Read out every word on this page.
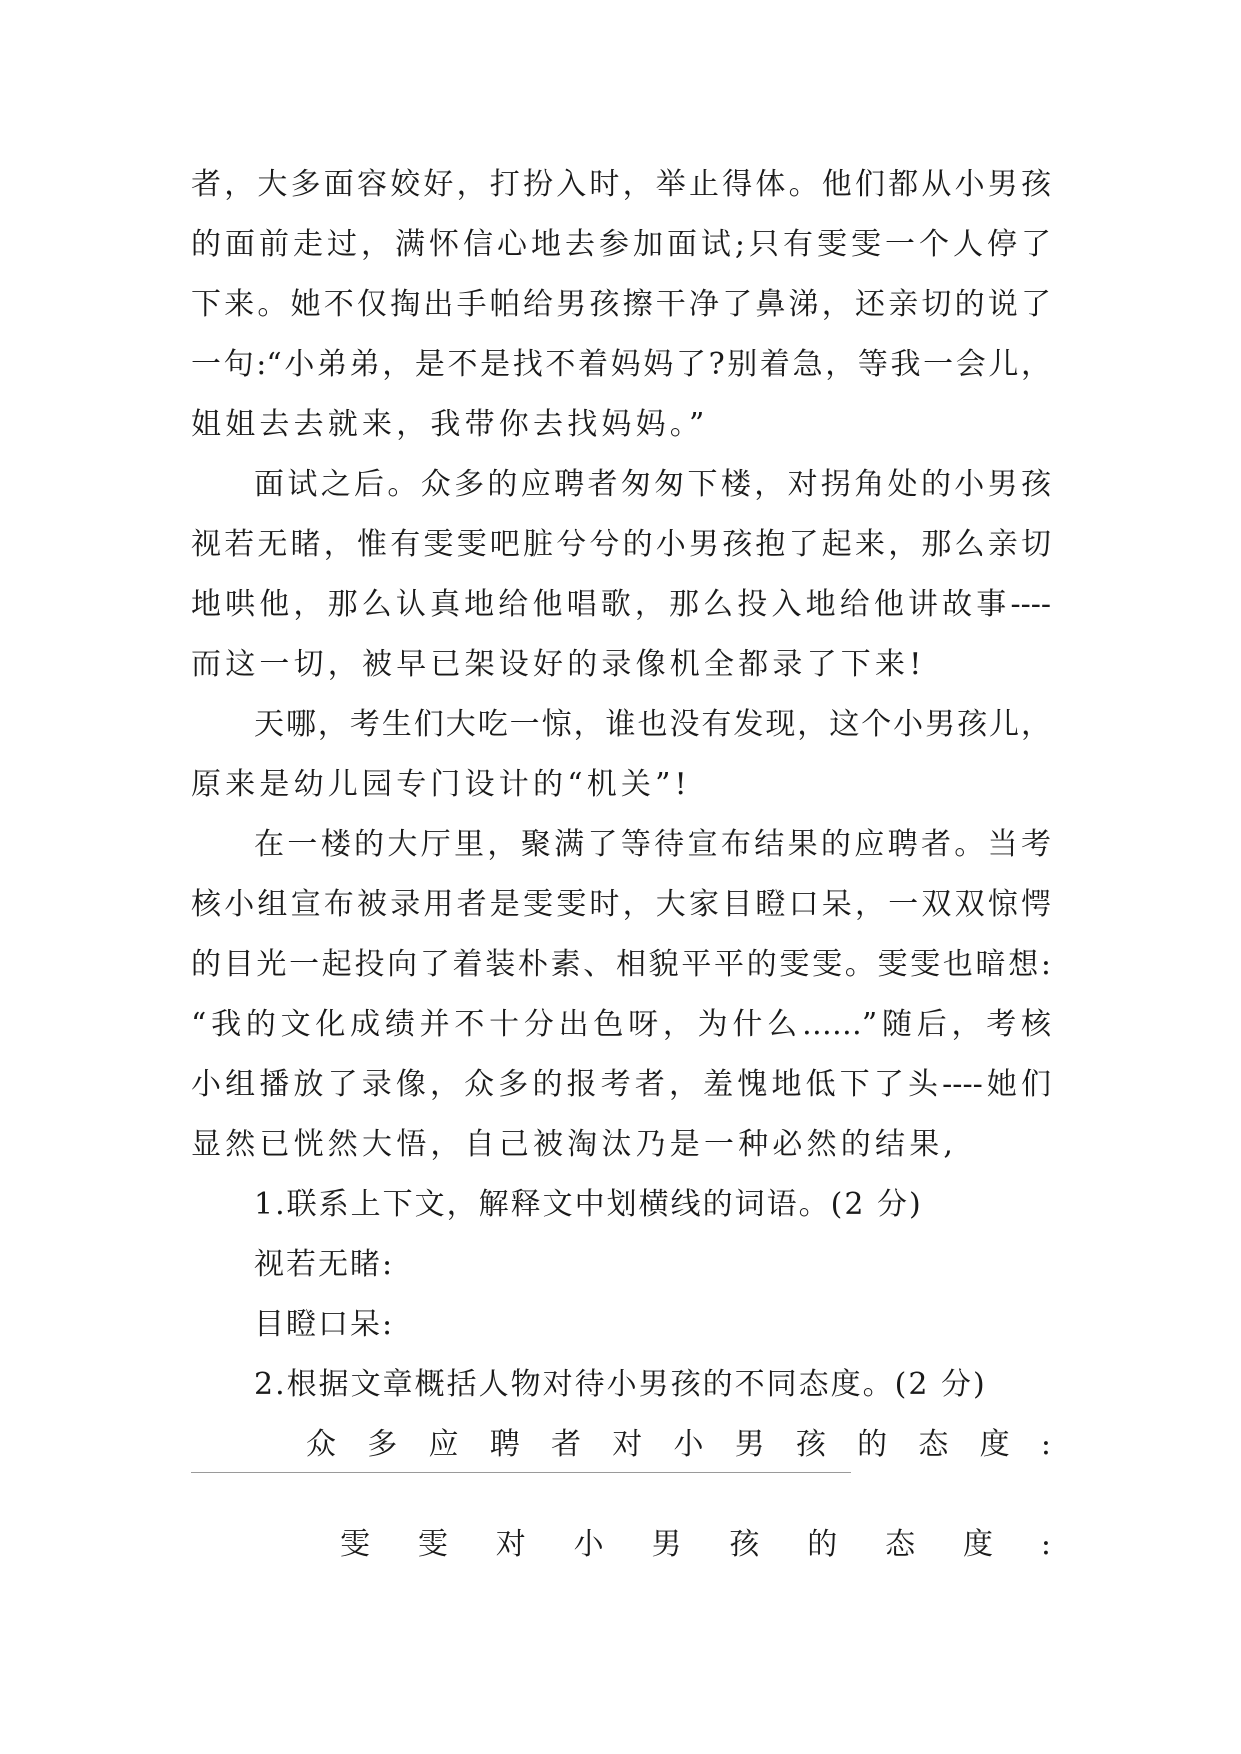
者，大多面容姣好，打扮入时，举止得体。他们都从小男孩
的面前走过，满怀信心地去参加面试;只有雯雯一个人停了
下来。她不仅掏出手帕给男孩擦干净了鼻涕，还亲切的说了
一句:“小弟弟，是不是找不着妈妈了?别着急，等我一会儿，
姐姐去去就来，我带你去找妈妈。”
面试之后。众多的应聘者匆匆下楼，对拐角处的小男孩
视若无睹，惟有雯雯吧脏兮兮的小男孩抱了起来，那么亲切
地哄他，那么认真地给他唱歌，那么投入地给他讲故事----
而这一切，被早已架设好的录像机全都录了下来!
天哪，考生们大吃一惊，谁也没有发现，这个小男孩儿，
原来是幼儿园专门设计的“机关”!
在一楼的大厅里，聚满了等待宣布结果的应聘者。当考
核小组宣布被录用者是雯雯时，大家目瞪口呆，一双双惊愕
的目光一起投向了着装朴素、相貌平平的雯雯。雯雯也暗想:
“我的文化成绩并不十分出色呀，为什么……”随后，考核
小组播放了录像，众多的报考者，羞愧地低下了头----她们
显然已恍然大悟，自己被淘汰乃是一种必然的结果,
1.联系上下文，解释文中划横线的词语。(2 分)
视若无睹:
目瞪口呆:
2.根据文章概括人物对待小男孩的不同态度。(2 分)
众多应聘者对小男孩的态度:
雯雯对小男孩的态度:
